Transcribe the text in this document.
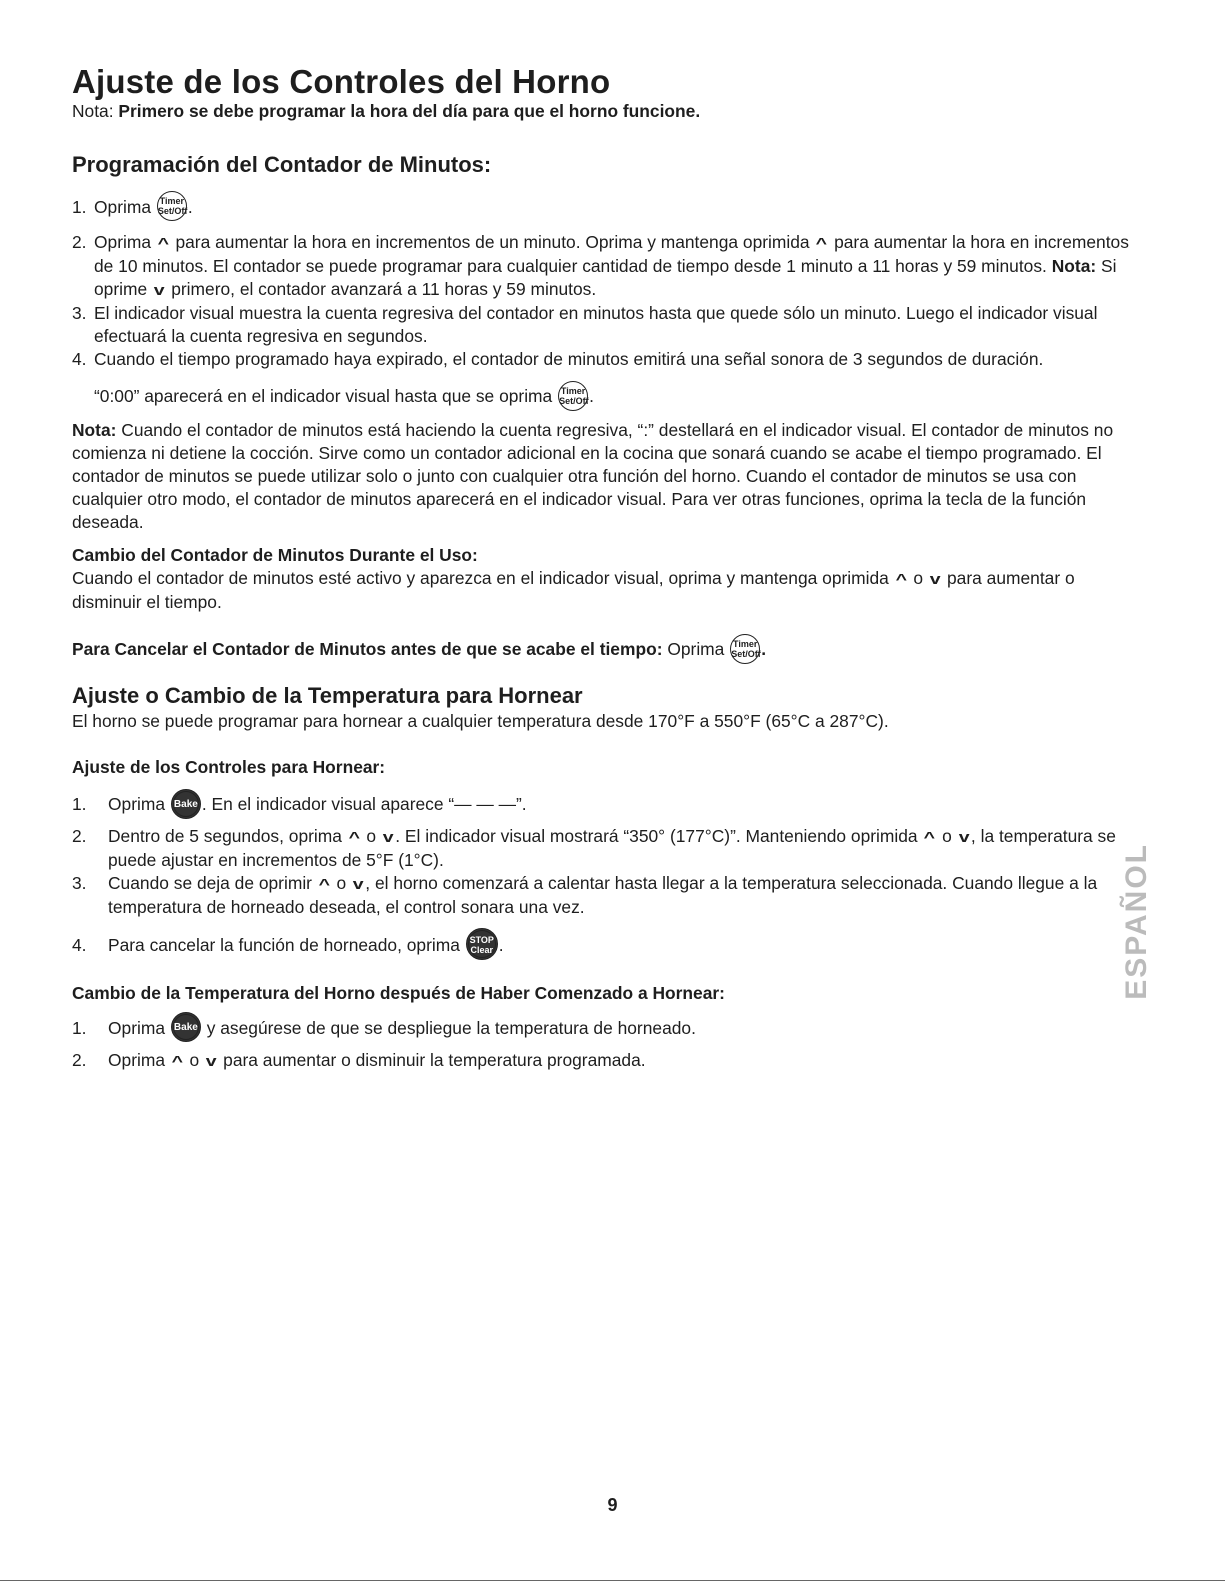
Ajuste de los Controles del Horno

Nota: Primero se debe programar la hora del día para que el horno funcione.

Programación del Contador de Minutos:
1. Oprima Timer
Set/Off.
2. Oprima ^ para aumentar la hora en incrementos de un minuto. Oprima y mantenga oprimida ^ para aumentar la hora en incrementos de 10 minutos. El contador se puede programar para cualquier cantidad de tiempo desde 1 minuto a 11 horas y 59 minutos. Nota: Si oprime v primero, el contador avanzará a 11 horas y 59 minutos.
3. El indicador visual muestra la cuenta regresiva del contador en minutos hasta que quede sólo un minuto. Luego el indicador visual efectuará la cuenta regresiva en segundos.
4. Cuando el tiempo programado haya expirado, el contador de minutos emitirá una señal sonora de 3 segundos de duración.
“0:00” aparecerá en el indicador visual hasta que se oprima Timer
Set/Off.

Nota: Cuando el contador de minutos está haciendo la cuenta regresiva, “:” destellará en el indicador visual. El contador de minutos no comienza ni detiene la cocción. Sirve como un contador adicional en la cocina que sonará cuando se acabe el tiempo programado. El contador de minutos se puede utilizar solo o junto con cualquier otra función del horno. Cuando el contador de minutos se usa con cualquier otro modo, el contador de minutos aparecerá en el indicador visual. Para ver otras funciones, oprima la tecla de la función deseada.

Cambio del Contador de Minutos Durante el Uso:

Cuando el contador de minutos esté activo y aparezca en el indicador visual, oprima y mantenga oprimida ^ o v para aumentar o disminuir el tiempo.

Para Cancelar el Contador de Minutos antes de que se acabe el tiempo: Oprima Timer
Set/Off.

Ajuste o Cambio de la Temperatura para Hornear

El horno se puede programar para hornear a cualquier temperatura desde 170°F a 550°F (65°C a 287°C).

Ajuste de los Controles para Hornear:
1. Oprima Bake . En el indicador visual aparece “— — —”.
2. Dentro de 5 segundos, oprima ^ o v . El indicador visual mostrará “350° (177°C)”. Manteniendo oprimida ^ o v , la temperatura se puede ajustar en incrementos de 5°F (1°C).
3. Cuando se deja de oprimir ^ o v , el horno comenzará a calentar hasta llegar a la temperatura seleccionada. Cuando llegue a la temperatura de horneado deseada, el control sonara una vez.
4. Para cancelar la función de horneado, oprima STOP
Clear .
Cambio de la Temperatura del Horno después de Haber Comenzado a Hornear:
1. Oprima Bake y asegúrese de que se despliegue la temperatura de horneado.
2. Oprima ^ o v para aumentar o disminuir la temperatura programada.
ESPAÑOL
9
